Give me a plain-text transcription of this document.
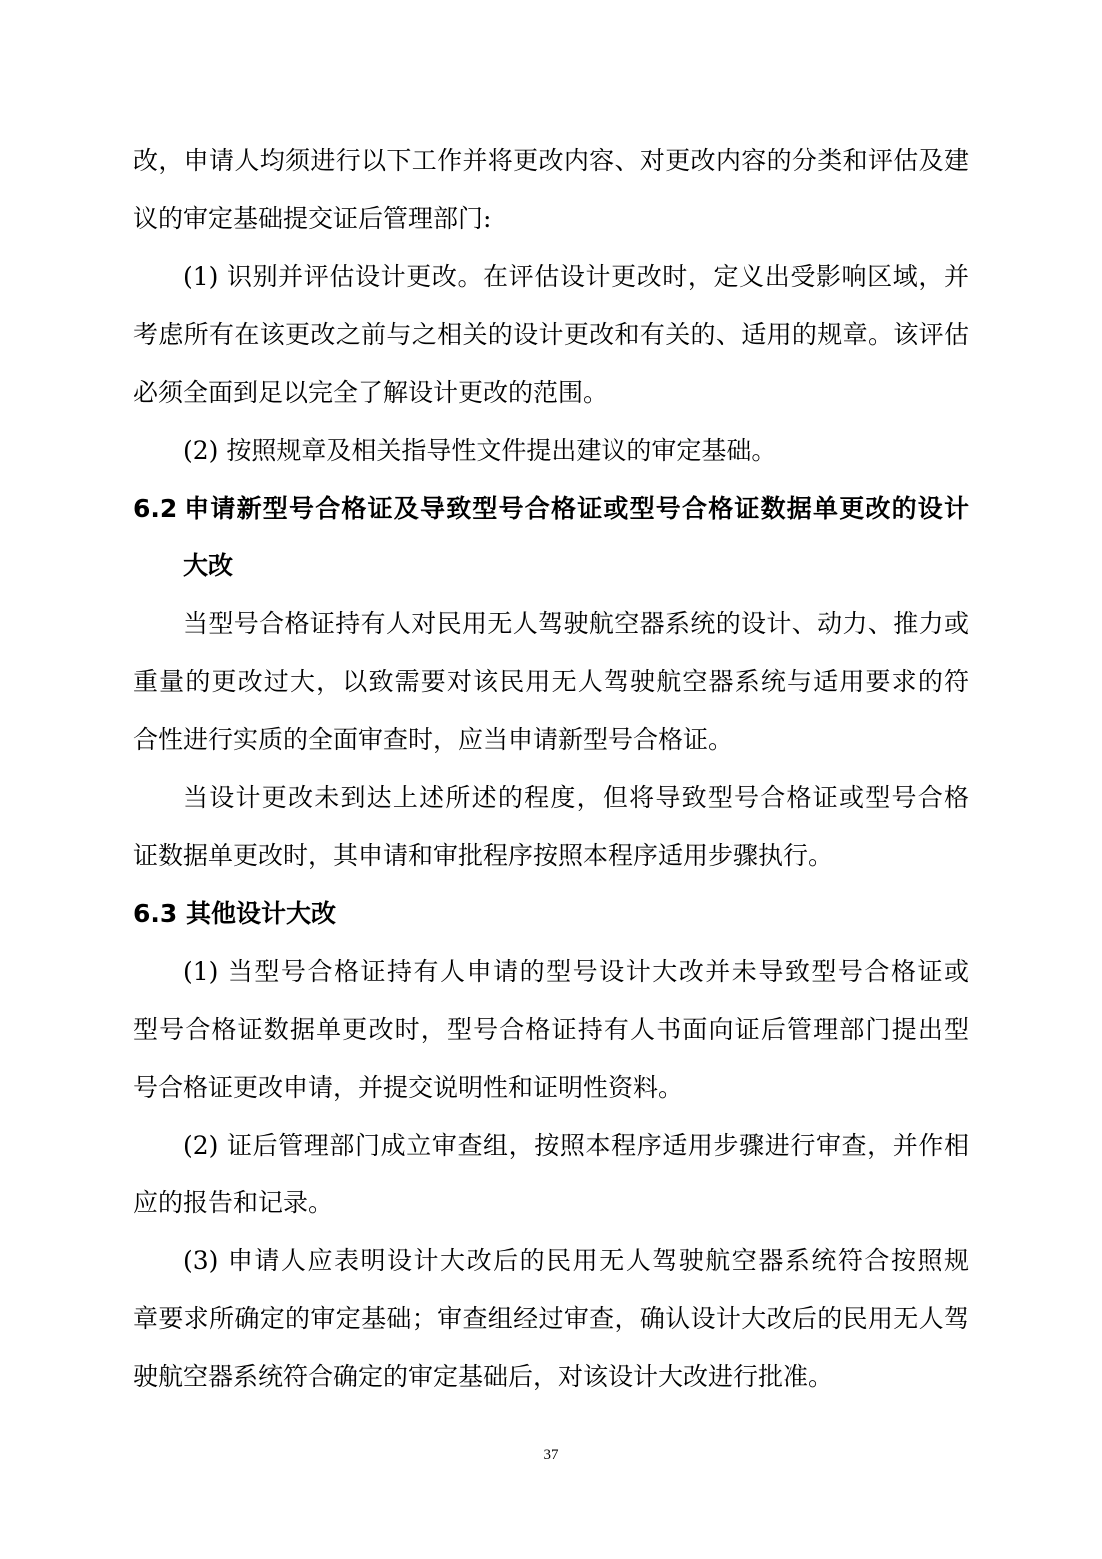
改，申请人均须进行以下工作并将更改内容、对更改内容的分类和评估及建
议的审定基础提交证后管理部门:
(1) 识别并评估设计更改。在评估设计更改时，定义出受影响区域，并
考虑所有在该更改之前与之相关的设计更改和有关的、适用的规章。该评估
必须全面到足以完全了解设计更改的范围。
(2) 按照规章及相关指导性文件提出建议的审定基础。
6.2 申请新型号合格证及导致型号合格证或型号合格证数据单更改的设计
大改
当型号合格证持有人对民用无人驾驶航空器系统的设计、动力、推力或
重量的更改过大，以致需要对该民用无人驾驶航空器系统与适用要求的符
合性进行实质的全面审查时，应当申请新型号合格证。
当设计更改未到达上述所述的程度，但将导致型号合格证或型号合格
证数据单更改时，其申请和审批程序按照本程序适用步骤执行。
6.3 其他设计大改
(1) 当型号合格证持有人申请的型号设计大改并未导致型号合格证或
型号合格证数据单更改时，型号合格证持有人书面向证后管理部门提出型
号合格证更改申请，并提交说明性和证明性资料。
(2) 证后管理部门成立审查组，按照本程序适用步骤进行审查，并作相
应的报告和记录。
(3) 申请人应表明设计大改后的民用无人驾驶航空器系统符合按照规
章要求所确定的审定基础；审查组经过审查，确认设计大改后的民用无人驾
驶航空器系统符合确定的审定基础后，对该设计大改进行批准。
37
